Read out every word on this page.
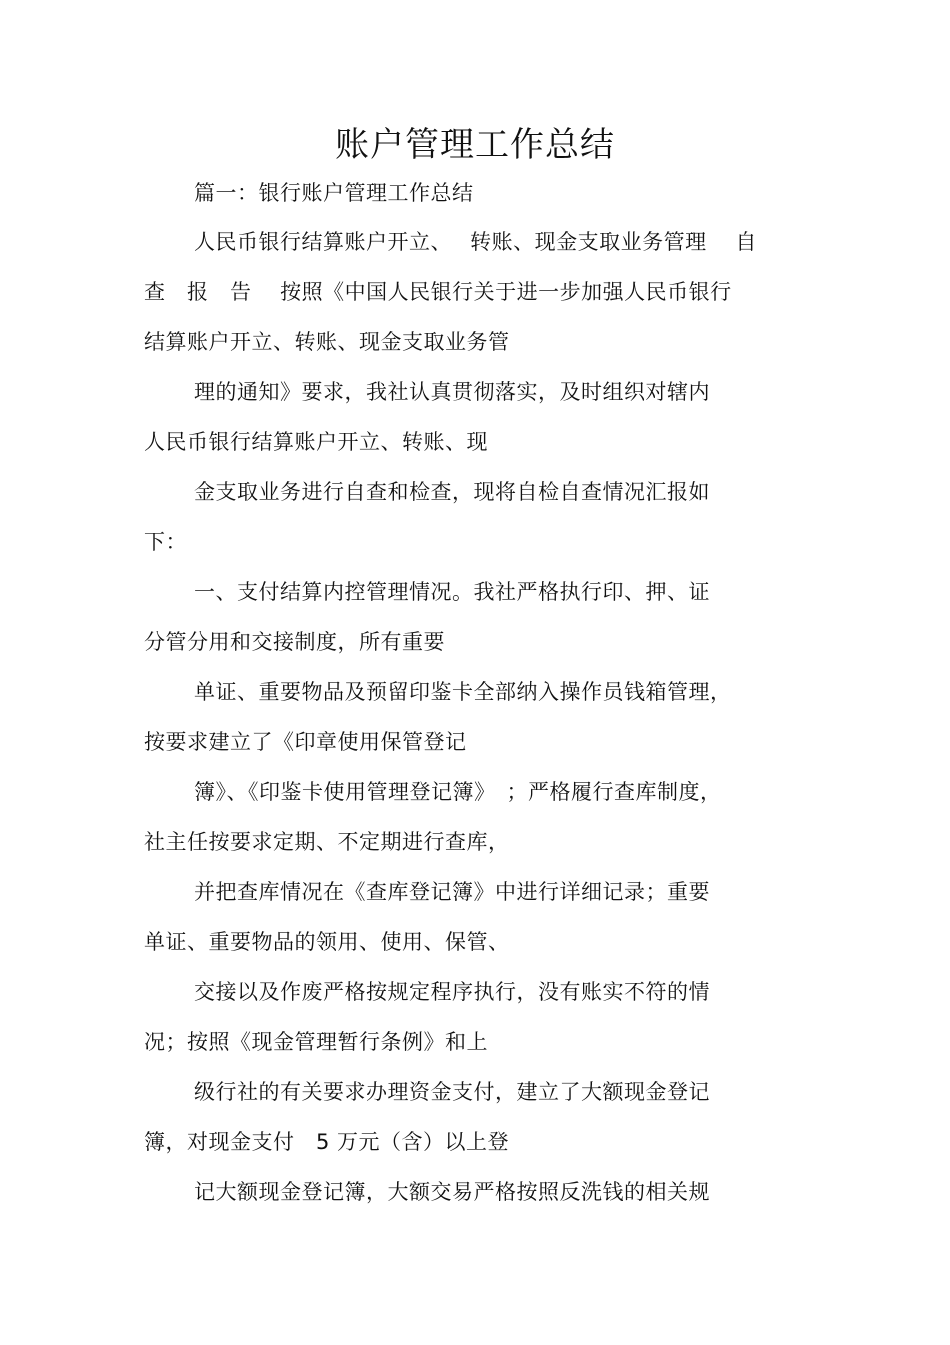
账户管理工作总结
篇一：银行账户管理工作总结
人民币银行结算账户开立、　 转账、现金支取业务管理　 自
查　报　告　 按照《中国人民银行关于进一步加强人民币银行
结算账户开立、转账、现金支取业务管
理的通知》要求，我社认真贯彻落实，及时组织对辖内
人民币银行结算账户开立、转账、现
金支取业务进行自查和检查，现将自检自查情况汇报如
下：
一、支付结算内控管理情况。我社严格执行印、押、证
分管分用和交接制度，所有重要
单证、重要物品及预留印鉴卡全部纳入操作员钱箱管理，
按要求建立了《印章使用保管登记
簿》、《印鉴卡使用管理登记簿》　；严格履行查库制度，
社主任按要求定期、不定期进行查库，
并把查库情况在《查库登记簿》中进行详细记录；重要
单证、重要物品的领用、使用、保管、
交接以及作废严格按规定程序执行，没有账实不符的情
况；按照《现金管理暂行条例》和上
级行社的有关要求办理资金支付，建立了大额现金登记
簿，对现金支付　5 万元（含）以上登
记大额现金登记簿，大额交易严格按照反洗钱的相关规
